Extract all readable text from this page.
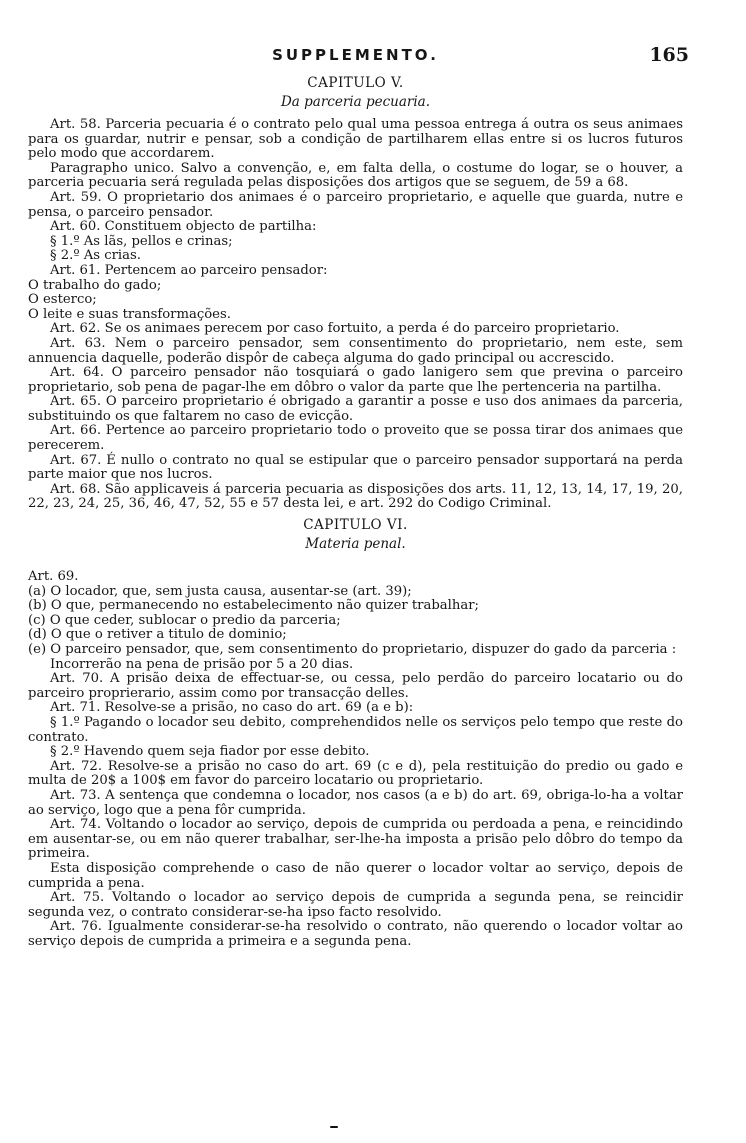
SUPPLEMENTO.	165

CAPITULO V.

Da parceria pecuaria.

Art. 58. Parceria pecuaria é o contrato pelo qual uma pessoa entrega á outra os seus animaes para os guardar, nutrir e pensar, sob a condição de partilharem ellas entre si os lucros futuros pelo modo que accordarem.

Paragrapho unico. Salvo a convenção, e, em falta della, o costume do logar, se o houver, a parceria pecuaria será regulada pelas disposições dos artigos que se seguem, de 59 a 68.

Art. 59. O proprietario dos animaes é o parceiro proprietario, e aquelle que guarda, nutre e pensa, o parceiro pensador.

Art. 60. Constituem objecto de partilha:

§ 1.º As lãs, pellos e crinas;

§ 2.º As crias.

Art. 61. Pertencem ao parceiro pensador:

O trabalho do gado;

O esterco;

O leite e suas transformações.

Art. 62. Se os animaes perecem por caso fortuito, a perda é do parceiro proprietario.

Art. 63. Nem o parceiro pensador, sem consentimento do proprietario, nem este, sem annuencia daquelle, poderão dispôr de cabeça alguma do gado principal ou accrescido.

Art. 64. O parceiro pensador não tosquiará o gado lanigero sem que previna o parceiro proprietario, sob pena de pagar-lhe em dôbro o valor da parte que lhe pertenceria na partilha.

Art. 65. O parceiro proprietario é obrigado a garantir a posse e uso dos animaes da parceria, substituindo os que faltarem no caso de evicção.

Art. 66. Pertence ao parceiro proprietario todo o proveito que se possa tirar dos animaes que perecerem.

Art. 67. É nullo o contrato no qual se estipular que o parceiro pensador supportará na perda parte maior que nos lucros.

Art. 68. São applicaveis á parceria pecuaria as disposições dos arts. 11, 12, 13, 14, 17, 19, 20, 22, 23, 24, 25, 36, 46, 47, 52, 55 e 57 desta lei, e art. 292 do Codigo Criminal.

CAPITULO VI.

Materia penal.

Art. 69.

(a) O locador, que, sem justa causa, ausentar-se (art. 39);

(b) O que, permanecendo no estabelecimento não quizer trabalhar;

(c) O que ceder, sublocar o predio da parceria;

(d) O que o retiver a titulo de dominio;

(e) O parceiro pensador, que, sem consentimento do proprietario, dispuzer do gado da parceria :

Incorrerão na pena de prisão por 5 a 20 dias.

Art. 70. A prisão deixa de effectuar-se, ou cessa, pelo perdão do parceiro locatario ou do parceiro proprierario, assim como por transacção delles.

Art. 71. Resolve-se a prisão, no caso do art. 69 (a e b):

§ 1.º Pagando o locador seu debito, comprehendidos nelle os serviços pelo tempo que reste do contrato.

§ 2.º Havendo quem seja fiador por esse debito.

Art. 72. Resolve-se a prisão no caso do art. 69 (c e d), pela restituição do predio ou gado e multa de 20$ a 100$ em favor do parceiro locatario ou proprietario.

Art. 73. A sentença que condemna o locador, nos casos (a e b) do art. 69, obriga-lo-ha a voltar ao serviço, logo que a pena fôr cumprida.

Art. 74. Voltando o locador ao serviço, depois de cumprida ou perdoada a pena, e reincidindo em ausentar-se, ou em não querer trabalhar, ser-lhe-ha imposta a prisão pelo dôbro do tempo da primeira.

Esta disposição comprehende o caso de não querer o locador voltar ao serviço, depois de cumprida a pena.

Art. 75. Voltando o locador ao serviço depois de cumprida a segunda pena, se reincidir segunda vez, o contrato considerar-se-ha ipso facto resolvido.

Art. 76. Igualmente considerar-se-ha resolvido o contrato, não querendo o locador voltar ao serviço depois de cumprida a primeira e a segunda pena.
